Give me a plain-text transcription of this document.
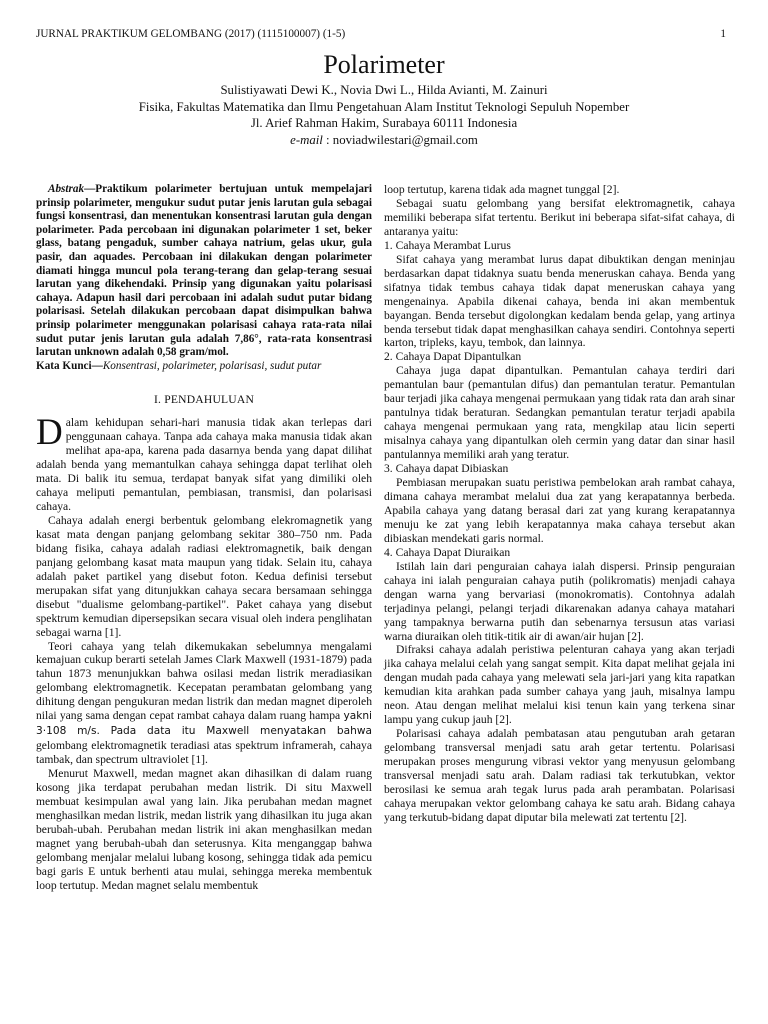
JURNAL PRAKTIKUM GELOMBANG (2017) (1115100007) (1-5)	1
Polarimeter
Sulistiyawati Dewi K., Novia Dwi L., Hilda Avianti, M. Zainuri
Fisika, Fakultas Matematika dan Ilmu Pengetahuan Alam Institut Teknologi Sepuluh Nopember
Jl. Arief Rahman Hakim, Surabaya 60111 Indonesia
e-mail : noviadwilestari@gmail.com

Abstrak—Praktikum polarimeter bertujuan untuk mempelajari prinsip polarimeter, mengukur sudut putar jenis larutan gula sebagai fungsi konsentrasi, dan menentukan konsentrasi larutan gula dengan polarimeter. Pada percobaan ini digunakan polarimeter 1 set, beker glass, batang pengaduk, sumber cahaya natrium, gelas ukur, gula pasir, dan aquades. Percobaan ini dilakukan dengan polarimeter diamati hingga muncul pola terang-terang dan gelap-terang sesuai larutan yang dikehendaki. Prinsip yang digunakan yaitu polarisasi cahaya. Adapun hasil dari percobaan ini adalah sudut putar bidang polarisasi. Setelah dilakukan percobaan dapat disimpulkan bahwa prinsip polarimeter menggunakan polarisasi cahaya rata-rata nilai sudut putar jenis larutan gula adalah 7,86°, rata-rata konsentrasi larutan unknown adalah 0,58 gram/mol.

Kata Kunci—Konsentrasi, polarimeter, polarisasi, sudut putar

I. PENDAHULUAN

Dalam kehidupan sehari-hari manusia tidak akan terlepas dari penggunaan cahaya. Tanpa ada cahaya maka manusia tidak akan melihat apa-apa, karena pada dasarnya benda yang dapat dilihat adalah benda yang memantulkan cahaya sehingga dapat terlihat oleh mata. Di balik itu semua, terdapat banyak sifat yang dimiliki oleh cahaya meliputi pemantulan, pembiasan, transmisi, dan polarisasi cahaya.

Cahaya adalah energi berbentuk gelombang elekromagnetik yang kasat mata dengan panjang gelombang sekitar 380–750 nm. Pada bidang fisika, cahaya adalah radiasi elektromagnetik, baik dengan panjang gelombang kasat mata maupun yang tidak. Selain itu, cahaya adalah paket partikel yang disebut foton. Kedua definisi tersebut merupakan sifat yang ditunjukkan cahaya secara bersamaan sehingga disebut "dualisme gelombang-partikel". Paket cahaya yang disebut spektrum kemudian dipersepsikan secara visual oleh indera penglihatan sebagai warna [1].

Teori cahaya yang telah dikemukakan sebelumnya mengalami kemajuan cukup berarti setelah James Clark Maxwell (1931-1879) pada tahun 1873 menunjukkan bahwa osilasi medan listrik meradiasikan gelombang elektromagnetik. Kecepatan perambatan gelombang yang dihitung dengan pengukuran medan listrik dan medan magnet diperoleh nilai yang sama dengan cepat rambat cahaya dalam ruang hampa yakni 3·108 m/s. Pada data itu Maxwell menyatakan bahwa gelombang elektromagnetik teradiasi atas spektrum inframerah, cahaya tambak, dan spectrum ultraviolet [1].

Menurut Maxwell, medan magnet akan dihasilkan di dalam ruang kosong jika terdapat perubahan medan listrik. Di situ Maxwell membuat kesimpulan awal yang lain. Jika perubahan medan magnet menghasilkan medan listrik, medan listrik yang dihasilkan itu juga akan berubah-ubah. Perubahan medan listrik ini akan menghasilkan medan magnet yang berubah-ubah dan seterusnya. Kita menganggap bahwa gelombang menjalar melalui lubang kosong, sehingga tidak ada pemicu bagi garis E untuk berhenti atau mulai, sehingga mereka membentuk loop tertutup. Medan magnet selalu membentuk

loop tertutup, karena tidak ada magnet tunggal [2].

Sebagai suatu gelombang yang bersifat elektromagnetik, cahaya memiliki beberapa sifat tertentu. Berikut ini beberapa sifat-sifat cahaya, di antaranya yaitu:

1. Cahaya Merambat Lurus

Sifat cahaya yang merambat lurus dapat dibuktikan dengan meninjau berdasarkan dapat tidaknya suatu benda meneruskan cahaya. Benda yang sifatnya tidak tembus cahaya tidak dapat meneruskan cahaya yang mengenainya. Apabila dikenai cahaya, benda ini akan membentuk bayangan. Benda tersebut digolongkan kedalam benda gelap, yang artinya benda tersebut tidak dapat menghasilkan cahaya sendiri. Contohnya seperti karton, tripleks, kayu, tembok, dan lainnya.

2. Cahaya Dapat Dipantulkan

Cahaya juga dapat dipantulkan. Pemantulan cahaya terdiri dari pemantulan baur (pemantulan difus) dan pemantulan teratur. Pemantulan baur terjadi jika cahaya mengenai permukaan yang tidak rata dan arah sinar pantulnya tidak beraturan. Sedangkan pemantulan teratur terjadi apabila cahaya mengenai permukaan yang rata, mengkilap atau licin seperti misalnya cahaya yang dipantulkan oleh cermin yang datar dan sinar hasil pantulannya memiliki arah yang teratur.

3. Cahaya dapat Dibiaskan

Pembiasan merupakan suatu peristiwa pembelokan arah rambat cahaya, dimana cahaya merambat melalui dua zat yang kerapatannya berbeda. Apabila cahaya yang datang berasal dari zat yang kurang kerapatannya menuju ke zat yang lebih kerapatannya maka cahaya tersebut akan dibiaskan mendekati garis normal.

4. Cahaya Dapat Diuraikan

Istilah lain dari penguraian cahaya ialah dispersi. Prinsip penguraian cahaya ini ialah penguraian cahaya putih (polikromatis) menjadi cahaya dengan warna yang bervariasi (monokromatis). Contohnya adalah terjadinya pelangi, pelangi terjadi dikarenakan adanya cahaya matahari yang tampaknya berwarna putih dan sebenarnya tersusun atas variasi warna diuraikan oleh titik-titik air di awan/air hujan [2].

Difraksi cahaya adalah peristiwa pelenturan cahaya yang akan terjadi jika cahaya melalui celah yang sangat sempit. Kita dapat melihat gejala ini dengan mudah pada cahaya yang melewati sela jari-jari yang kita rapatkan kemudian kita arahkan pada sumber cahaya yang jauh, misalnya lampu neon. Atau dengan melihat melalui kisi tenun kain yang terkena sinar lampu yang cukup jauh [2].

Polarisasi cahaya adalah pembatasan atau pengutuban arah getaran gelombang transversal menjadi satu arah getar tertentu. Polarisasi merupakan proses mengurung vibrasi vektor yang menyusun gelombang transversal menjadi satu arah. Dalam radiasi tak terkutubkan, vektor berosilasi ke semua arah tegak lurus pada arah perambatan. Polarisasi cahaya merupakan vektor gelombang cahaya ke satu arah. Bidang cahaya yang terkutub-bidang dapat diputar bila melewati zat tertentu [2].
